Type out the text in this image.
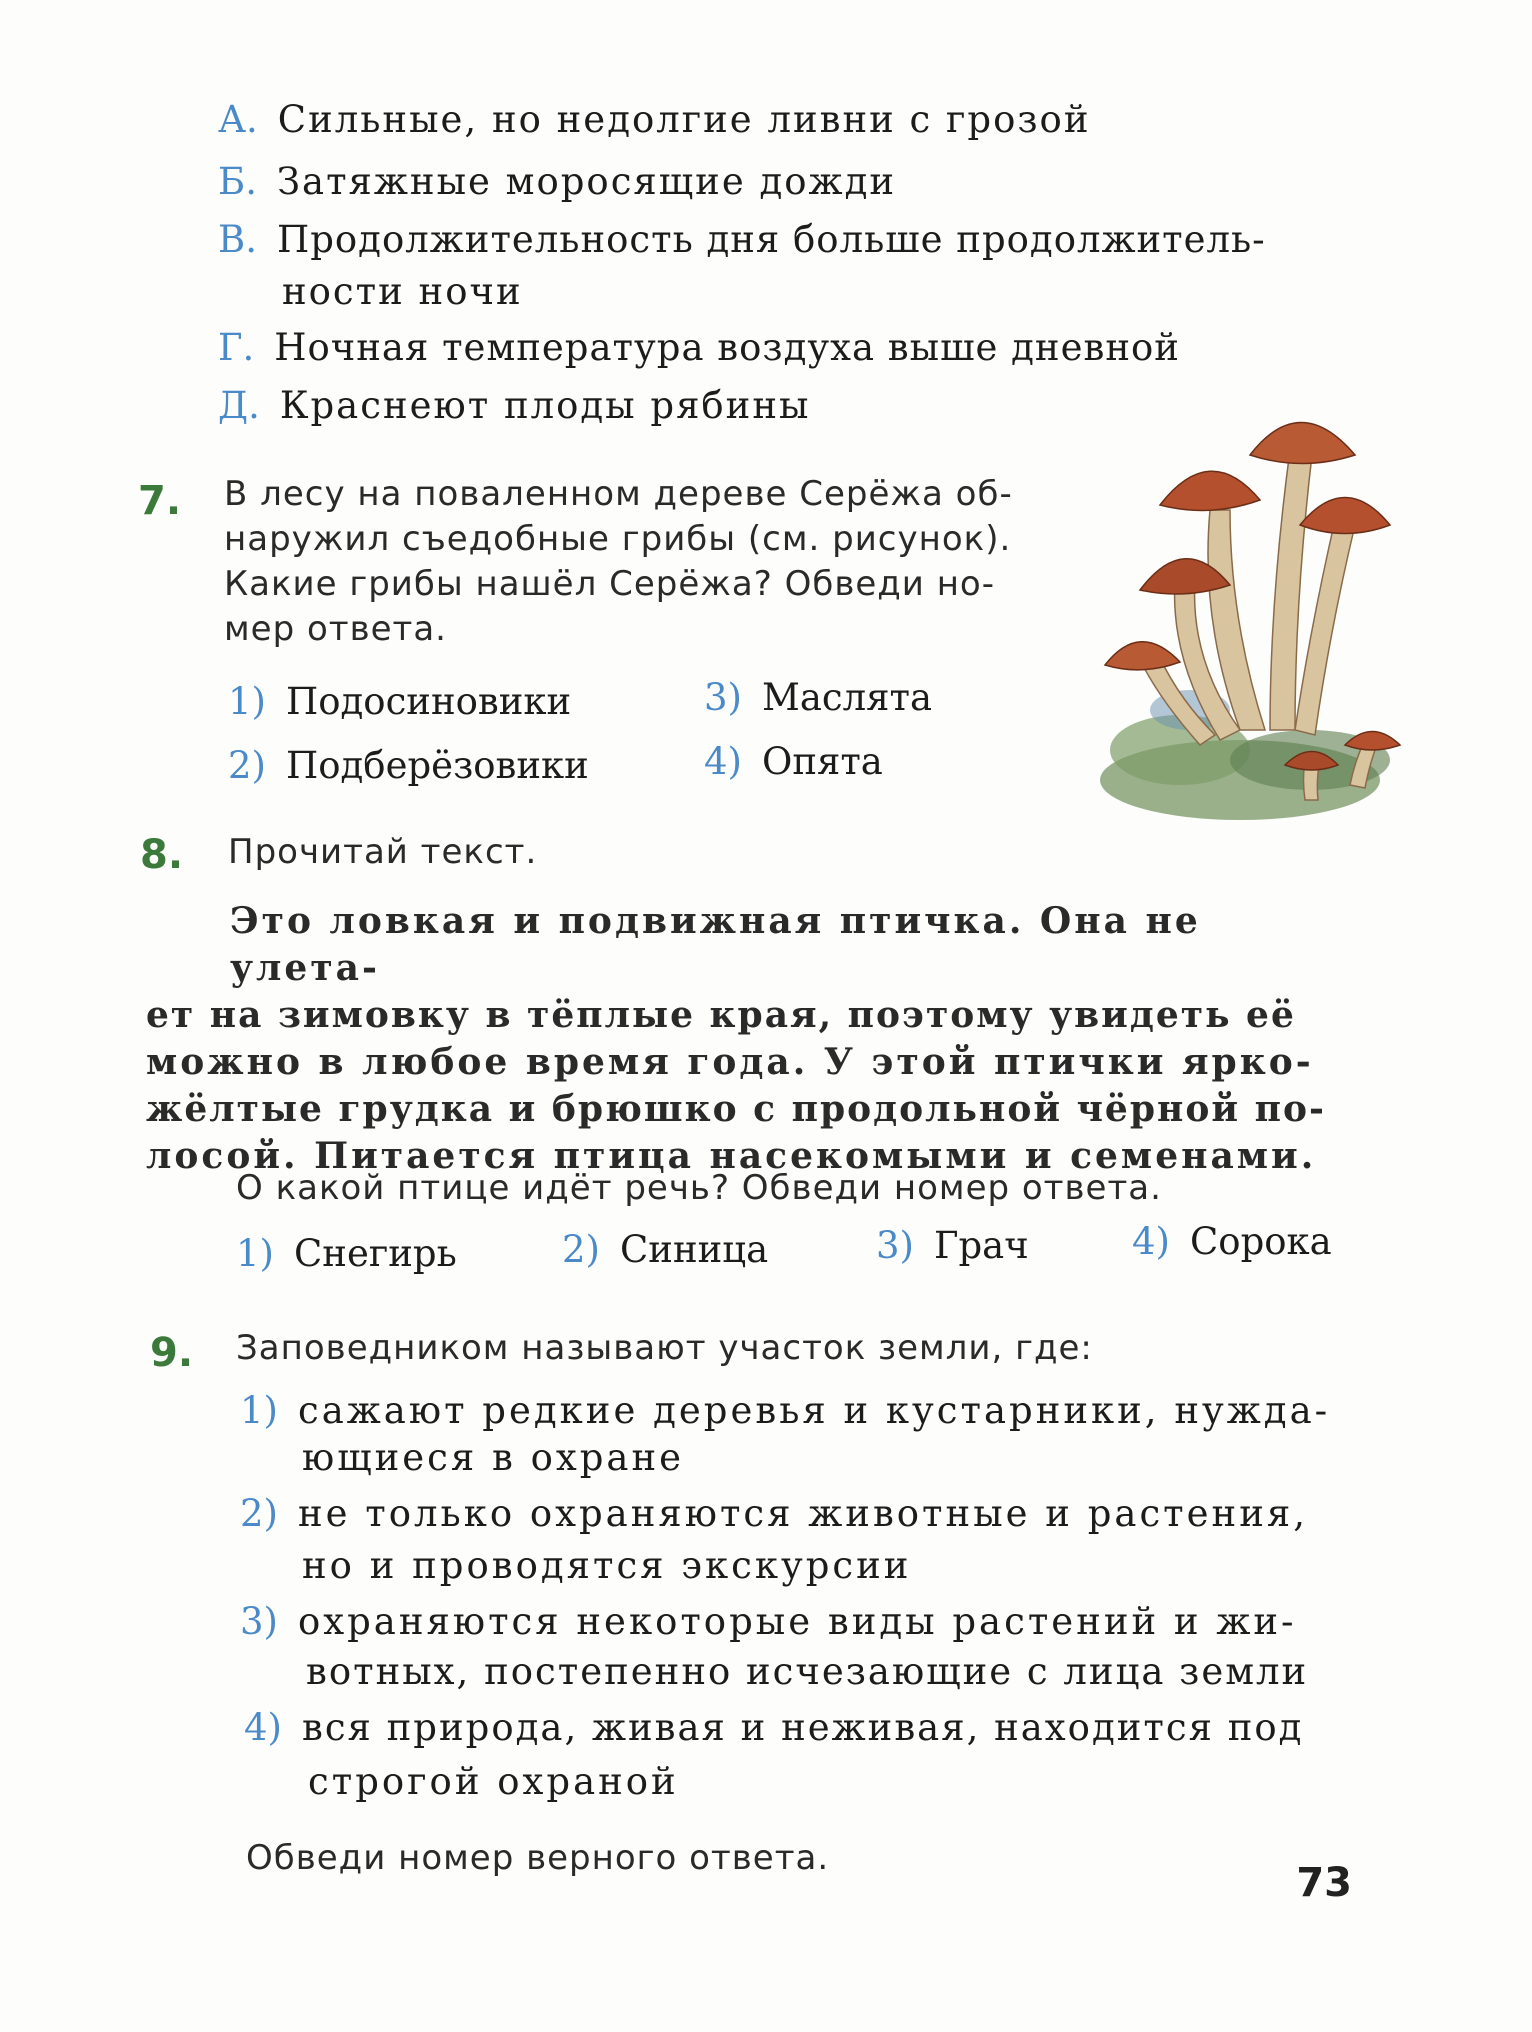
А. Сильные, но недолгие ливни с грозой
Б. Затяжные моросящие дожди
В. Продолжительность дня больше продолжитель-
ности ночи
Г. Ночная температура воздуха выше дневной
Д. Краснеют плоды рябины
7. В лесу на поваленном дереве Серёжа об-
наружил съедобные грибы (см. рисунок).
Какие грибы нашёл Серёжа? Обведи но-
мер ответа.
1) Подосиновики
2) Подберёзовики
3) Маслята
4) Опята
8. Прочитай текст.
Это ловкая и подвижная птичка. Она не улета-
ет на зимовку в тёплые края, поэтому увидеть её
можно в любое время года. У этой птички ярко-
жёлтые грудка и брюшко с продольной чёрной по-
лосой. Питается птица насекомыми и семенами.
О какой птице идёт речь? Обведи номер ответа.
1) Снегирь	2) Синица	3) Грач	4) Сорока
9. Заповедником называют участок земли, где:
1) сажают редкие деревья и кустарники, нужда-
ющиеся в охране
2) не только охраняются животные и растения,
но и проводятся экскурсии
3) охраняются некоторые виды растений и жи-
вотных, постепенно исчезающие с лица земли
4) вся природа, живая и неживая, находится под
строгой охраной
Обведи номер верного ответа.
73
